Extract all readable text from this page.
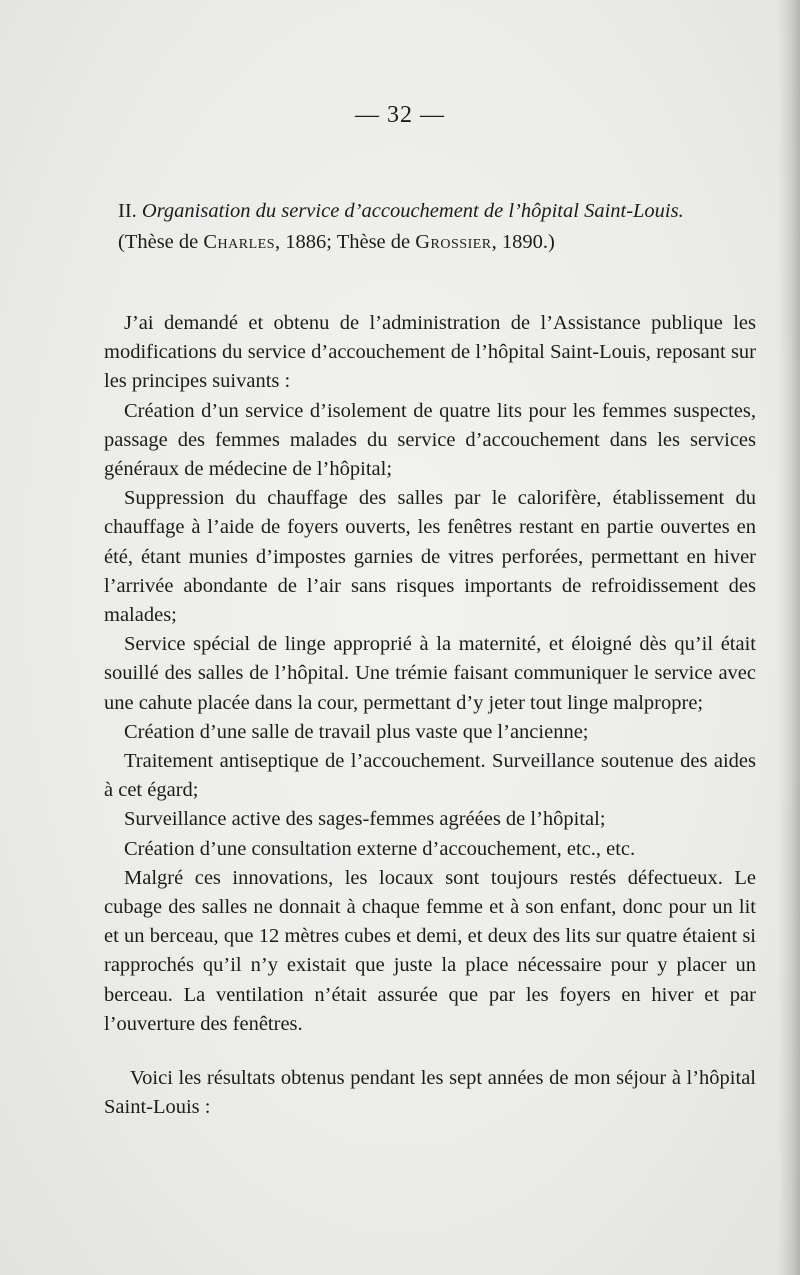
— 32 —
II. Organisation du service d’accouchement de l’hôpital Saint-Louis.
(Thèse de Charles, 1886; Thèse de Grossier, 1890.)

J’ai demandé et obtenu de l’administration de l’Assistance publique les modifications du service d’accouchement de l’hôpital Saint-Louis, reposant sur les principes suivants :

Création d’un service d’isolement de quatre lits pour les femmes suspectes, passage des femmes malades du service d’accouchement dans les services généraux de médecine de l’hôpital;

Suppression du chauffage des salles par le calorifère, établissement du chauffage à l’aide de foyers ouverts, les fenêtres restant en partie ouvertes en été, étant munies d’impostes garnies de vitres perforées, permettant en hiver l’arrivée abondante de l’air sans risques importants de refroidissement des malades;

Service spécial de linge approprié à la maternité, et éloigné dès qu’il était souillé des salles de l’hôpital. Une trémie faisant communiquer le service avec une cahute placée dans la cour, permettant d’y jeter tout linge malpropre;

Création d’une salle de travail plus vaste que l’ancienne;

Traitement antiseptique de l’accouchement. Surveillance soutenue des aides à cet égard;

Surveillance active des sages-femmes agréées de l’hôpital;

Création d’une consultation externe d’accouchement, etc., etc.

Malgré ces innovations, les locaux sont toujours restés défectueux. Le cubage des salles ne donnait à chaque femme et à son enfant, donc pour un lit et un berceau, que 12 mètres cubes et demi, et deux des lits sur quatre étaient si rapprochés qu’il n’y existait que juste la place nécessaire pour y placer un berceau. La ventilation n’était assurée que par les foyers en hiver et par l’ouverture des fenêtres.

Voici les résultats obtenus pendant les sept années de mon séjour à l’hôpital Saint-Louis :
